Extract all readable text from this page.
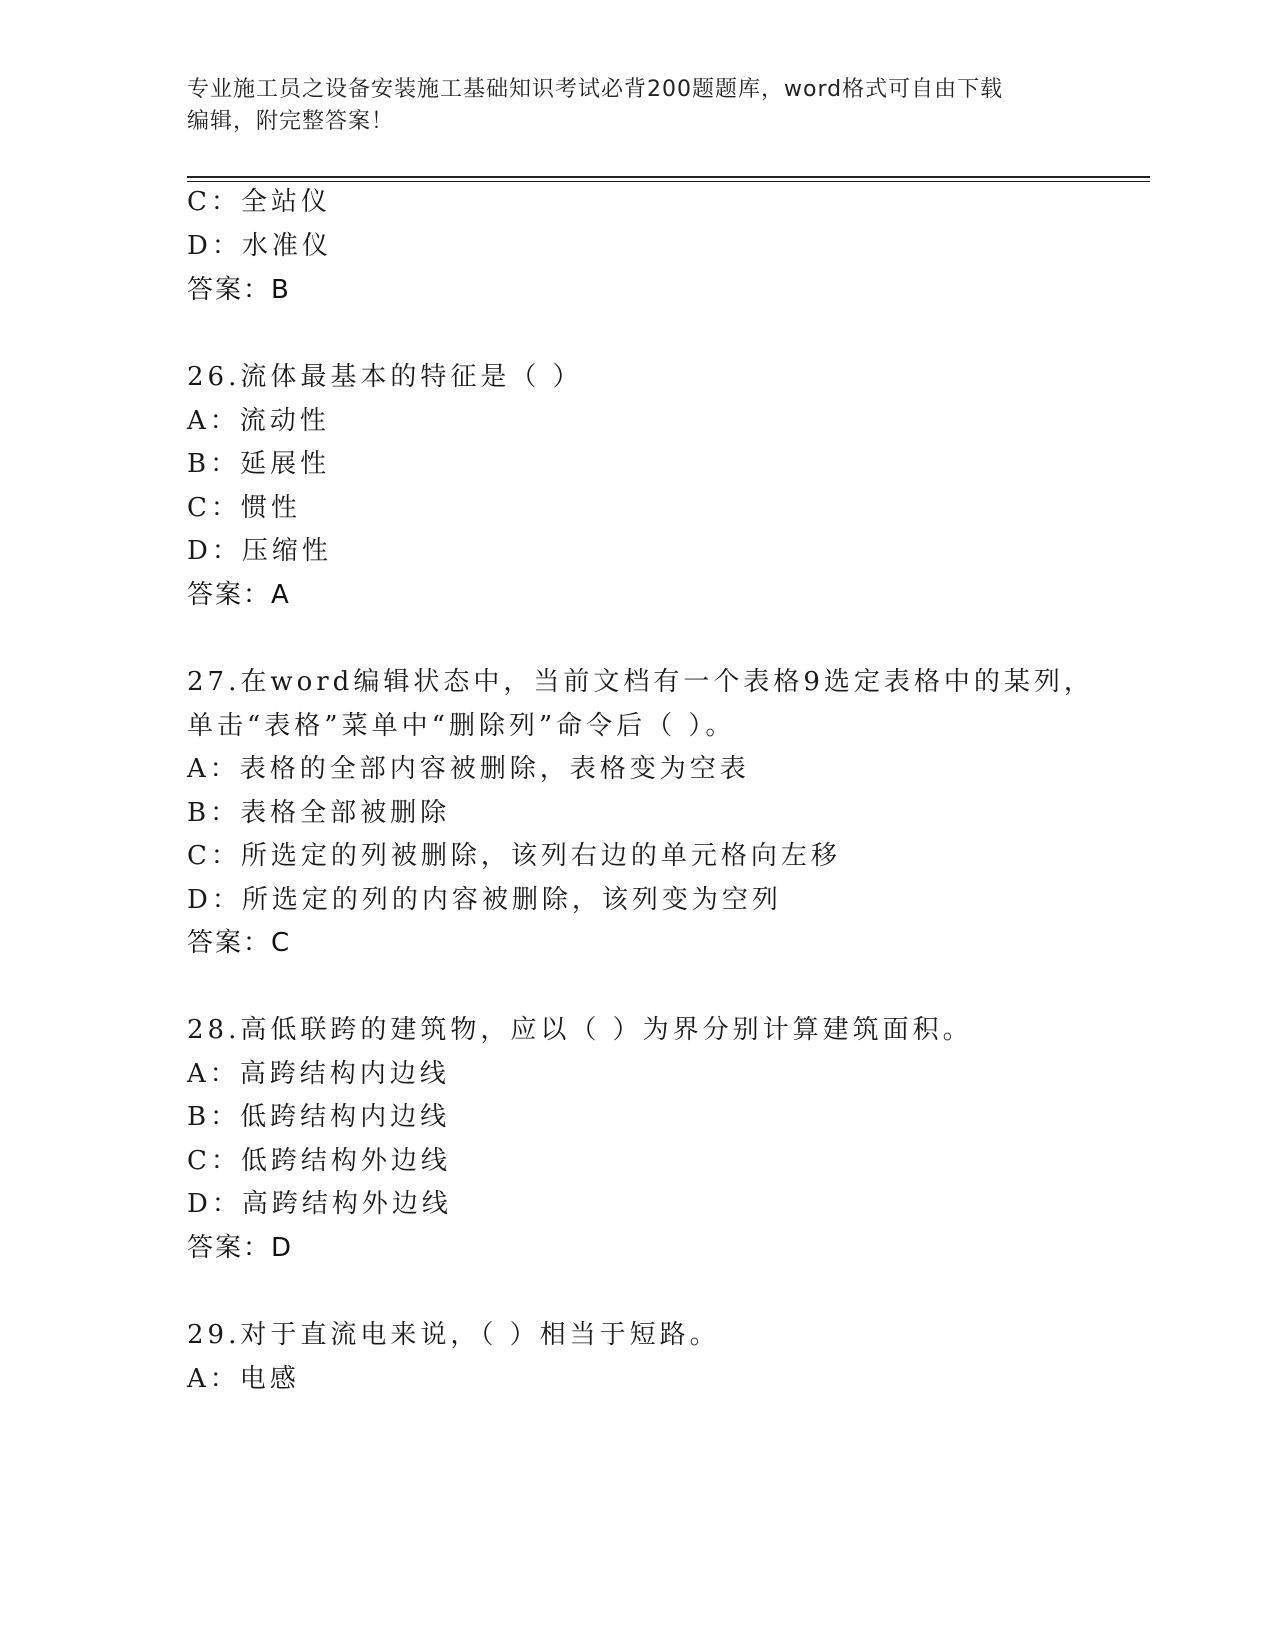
专业施工员之设备安装施工基础知识考试必背200题题库，word格式可自由下载
编辑，附完整答案！
C：全站仪
D：水准仪
答案：B
26.流体最基本的特征是（ ）
A：流动性
B：延展性
C：惯性
D：压缩性
答案：A
27.在word编辑状态中，当前文档有一个表格9选定表格中的某列，
单击“表格”菜单中“删除列”命令后（ ）。
A：表格的全部内容被删除，表格变为空表
B：表格全部被删除
C：所选定的列被删除，该列右边的单元格向左移
D：所选定的列的内容被删除，该列变为空列
答案：C
28.高低联跨的建筑物，应以（ ）为界分别计算建筑面积。
A：高跨结构内边线
B：低跨结构内边线
C：低跨结构外边线
D：高跨结构外边线
答案：D
29.对于直流电来说，（ ）相当于短路。
A：电感
